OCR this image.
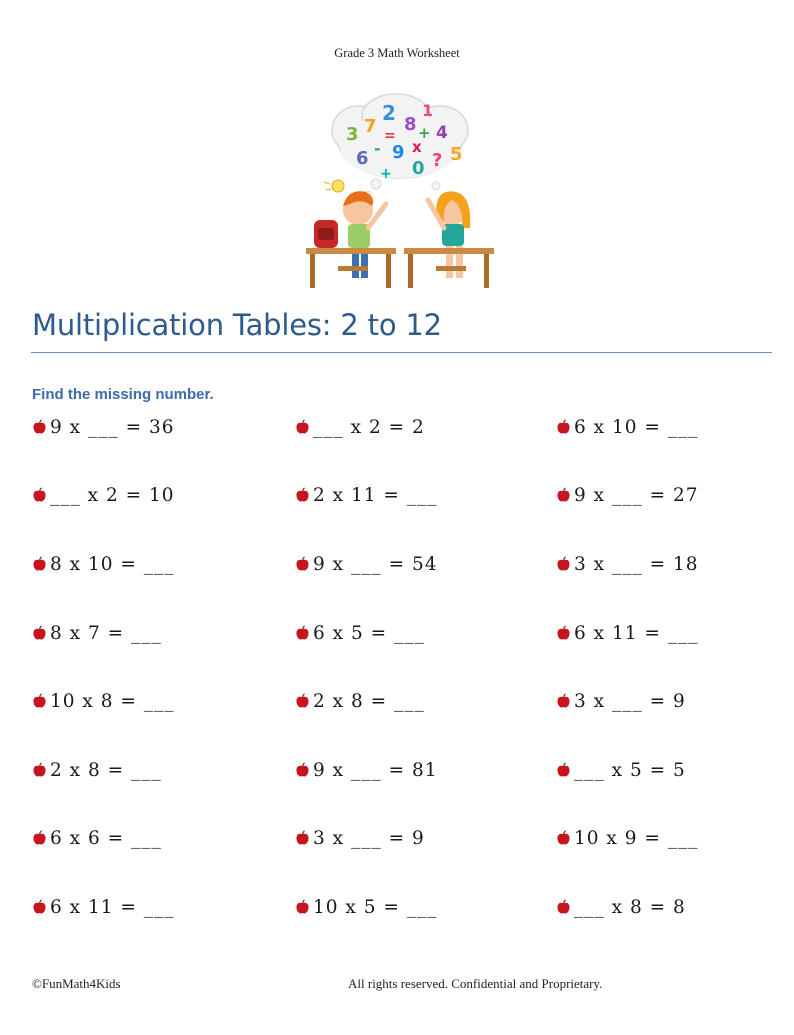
Grade 3 Math Worksheet
3 7
2 8
1
= + 4
6 - 9 x
? 5
0
+
Multiplication Tables: 2 to 12
Find the missing number.
9 x ___ = 36	___ x 2 = 2	6 x 10 = ___
___ x 2 = 10	2 x 11 = ___	9 x ___ = 27
8 x 10 = ___	9 x ___ = 54	3 x ___ = 18
8 x 7 = ___	6 x 5 = ___	6 x 11 = ___
10 x 8 = ___	2 x 8 = ___	3 x ___ = 9
2 x 8 = ___	9 x ___ = 81	___ x 5 = 5
6 x 6 = ___	3 x ___ = 9	10 x 9 = ___
6 x 11 = ___	10 x 5 = ___	___ x 8 = 8
©FunMath4Kids	All rights reserved. Confidential and Proprietary.
